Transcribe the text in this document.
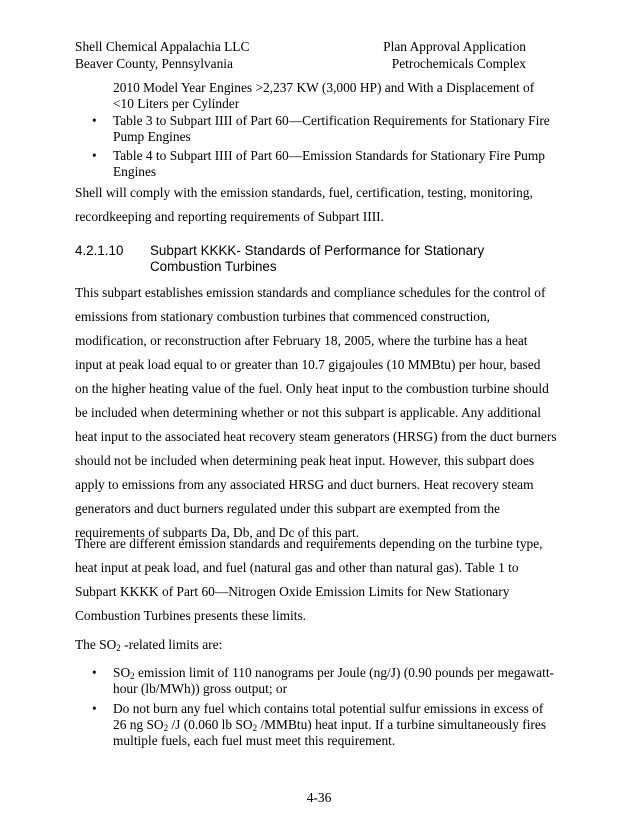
Shell Chemical Appalachia LLC
Beaver County, Pennsylvania
Plan Approval Application
Petrochemicals Complex
2010 Model Year Engines >2,237 KW (3,000 HP) and With a Displacement of
<10 Liters per Cylinder
• Table 3 to Subpart IIII of Part 60—Certification Requirements for Stationary Fire
Pump Engines
• Table 4 to Subpart IIII of Part 60—Emission Standards for Stationary Fire Pump
Engines
Shell will comply with the emission standards, fuel, certification, testing, monitoring,
recordkeeping and reporting requirements of Subpart IIII.
4.2.1.10 Subpart KKKK- Standards of Performance for Stationary
Combustion Turbines
This subpart establishes emission standards and compliance schedules for the control of
emissions from stationary combustion turbines that commenced construction,
modification, or reconstruction after February 18, 2005, where the turbine has a heat
input at peak load equal to or greater than 10.7 gigajoules (10 MMBtu) per hour, based
on the higher heating value of the fuel. Only heat input to the combustion turbine should
be included when determining whether or not this subpart is applicable. Any additional
heat input to the associated heat recovery steam generators (HRSG) from the duct burners
should not be included when determining peak heat input. However, this subpart does
apply to emissions from any associated HRSG and duct burners. Heat recovery steam
generators and duct burners regulated under this subpart are exempted from the
requirements of subparts Da, Db, and Dc of this part.
There are different emission standards and requirements depending on the turbine type,
heat input at peak load, and fuel (natural gas and other than natural gas). Table 1 to
Subpart KKKK of Part 60—Nitrogen Oxide Emission Limits for New Stationary
Combustion Turbines presents these limits.
The $SO_2$ -related limits are:
• $SO_2$ emission limit of 110 nanograms per Joule (ng/J) (0.90 pounds per megawatt-
hour (lb/MWh)) gross output; or
• Do not burn any fuel which contains total potential sulfur emissions in excess of
26 ng $SO_2$ /J (0.060 lb $SO_2$ /MMBtu) heat input. If a turbine simultaneously fires
multiple fuels, each fuel must meet this requirement.
4-36
